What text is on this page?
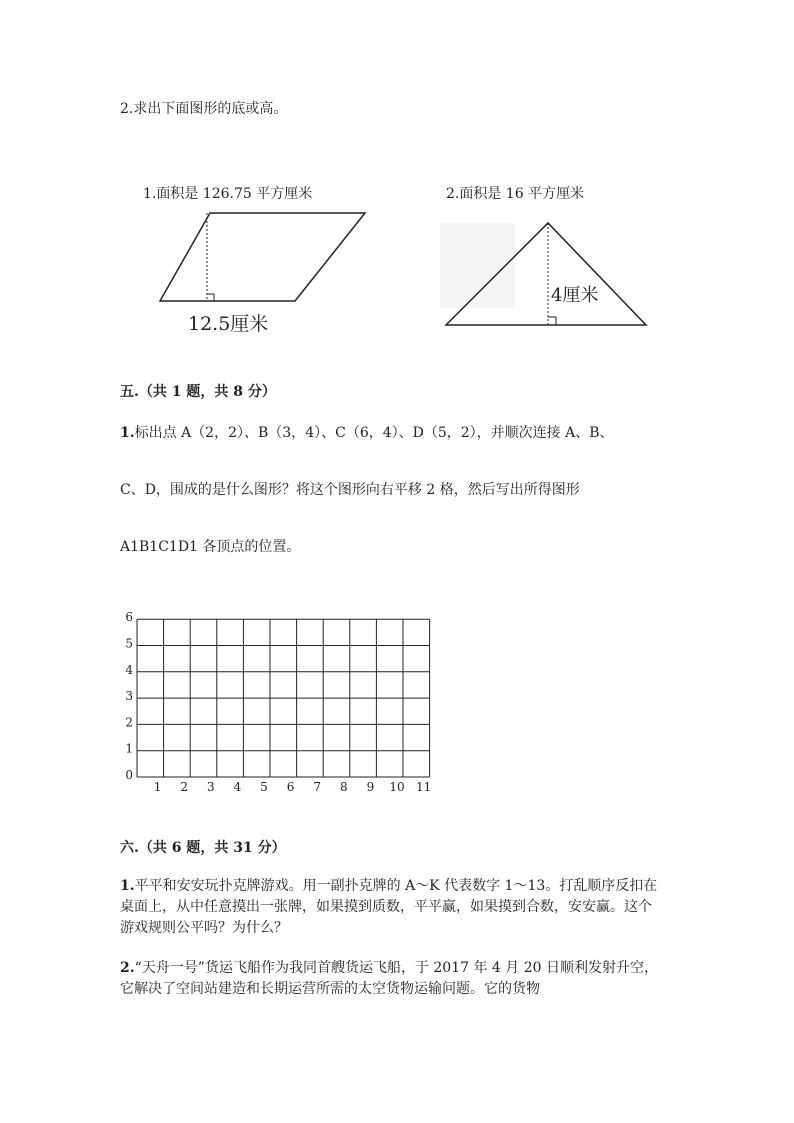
2.求出下面图形的底或高。
1.面积是 126.75 平方厘米
12.5厘米
2.面积是 16 平方厘米
4厘米
五.（共 1 题，共 8 分）
1.标出点 A（2，2）、B（3，4）、C（6，4）、D（5，2），并顺次连接 A、B、
C、D，围成的是什么图形？将这个图形向右平移 2 格，然后写出所得图形
A1B1C1D1 各顶点的位置。
1 2 3 4 5 6 7 8 9 10 11
0
1
2
3
4
5
6
六.（共 6 题，共 31 分）
1.平平和安安玩扑克牌游戏。用一副扑克牌的 A～K 代表数字 1～13。打乱顺序反扣在桌面上，从中任意摸出一张牌，如果摸到质数，平平赢，如果摸到合数，安安赢。这个游戏规则公平吗？为什么？
2.“天舟一号”货运飞船作为我同首艘货运飞船，于 2017 年 4 月 20 日顺利发射升空，它解决了空间站建造和长期运营所需的太空货物运输问题。它的货物
